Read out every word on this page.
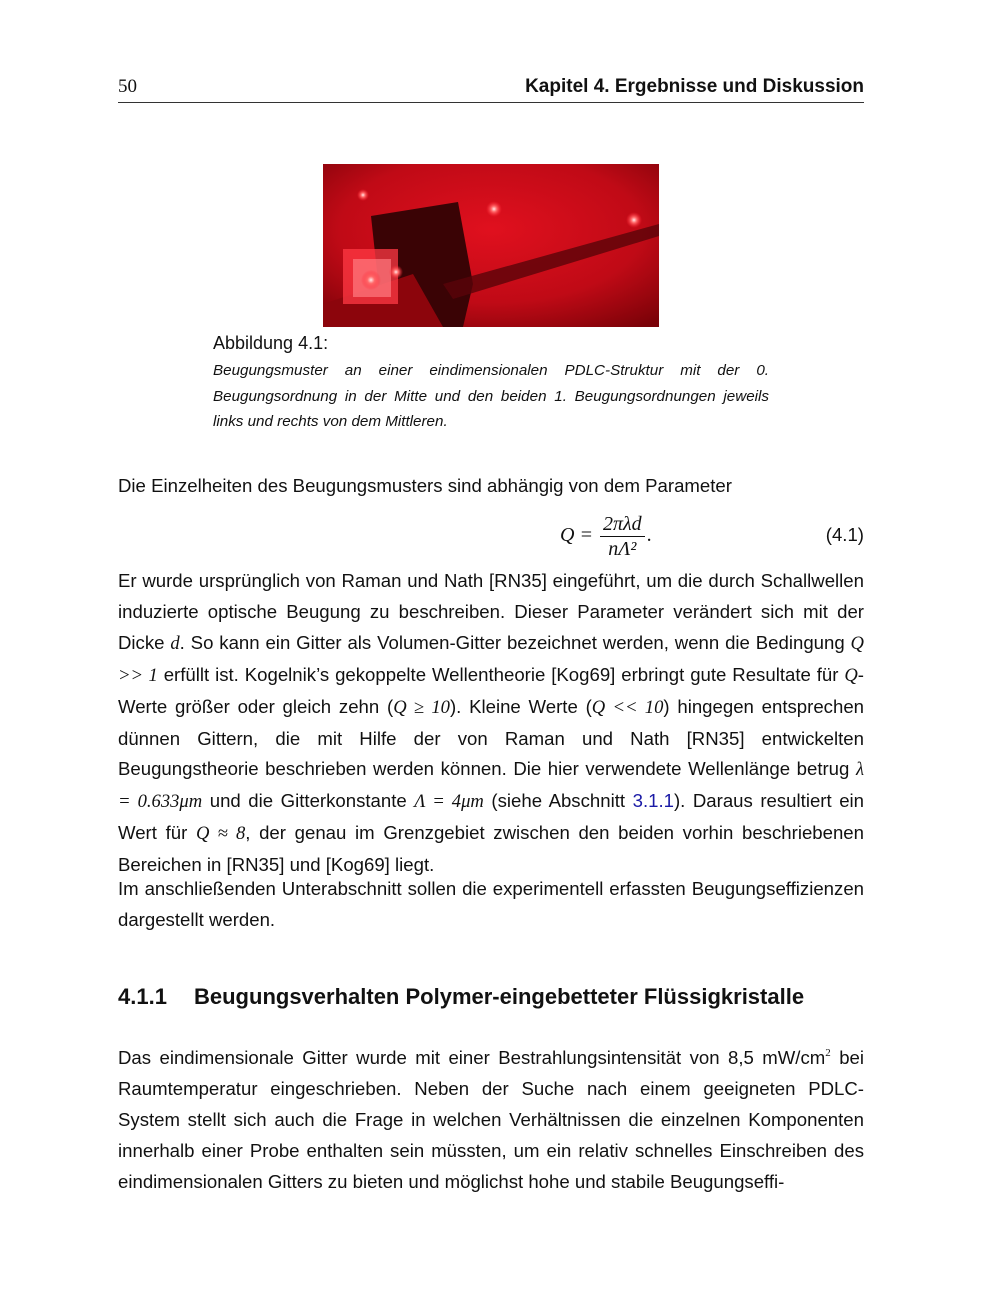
50	Kapitel 4. Ergebnisse und Diskussion
Abbildung 4.1:
Beugungsmuster an einer eindimensionalen PDLC-Struktur mit der 0. Beugungsordnung in der Mitte und den beiden 1. Beugungsordnungen jeweils links und rechts von dem Mittleren.
Die Einzelheiten des Beugungsmusters sind abhängig von dem Parameter
$Q = \frac{\text{2πλd}}{\text{nΛ²}}$ .	(4.1)
Er wurde ursprünglich von Raman und Nath [RN35] eingeführt, um die durch Schallwellen induzierte optische Beugung zu beschreiben. Dieser Parameter verändert sich mit der Dicke d. So kann ein Gitter als Volumen-Gitter bezeichnet werden, wenn die Bedingung Q >> 1 erfüllt ist. Kogelnik’s gekoppelte Wellentheorie [Kog69] erbringt gute Resultate für Q-Werte größer oder gleich zehn (Q ≥ 10). Kleine Werte (Q << 10) hingegen entsprechen dünnen Gittern, die mit Hilfe der von Raman und Nath [RN35] entwickelten Beugungstheorie beschrieben werden können. Die hier verwendete Wellenlänge betrug λ = 0.633μm und die Gitterkonstante Λ = 4μm (siehe Abschnitt 3.1.1). Daraus resultiert ein Wert für Q ≈ 8, der genau im Grenzgebiet zwischen den beiden vorhin beschriebenen Bereichen in [RN35] und [Kog69] liegt.
Im anschließenden Unterabschnitt sollen die experimentell erfassten Beugungseffizienzen dargestellt werden.
4.1.1 Beugungsverhalten Polymer-eingebetteter Flüssigkristalle
Das eindimensionale Gitter wurde mit einer Bestrahlungsintensität von 8,5 $mW/cm^2$ bei Raumtemperatur eingeschrieben. Neben der Suche nach einem geeigneten PDLC-System stellt sich auch die Frage in welchen Verhältnissen die einzelnen Komponenten innerhalb einer Probe enthalten sein müssten, um ein relativ schnelles Einschreiben des eindimensionalen Gitters zu bieten und möglichst hohe und stabile Beugungseffi-
